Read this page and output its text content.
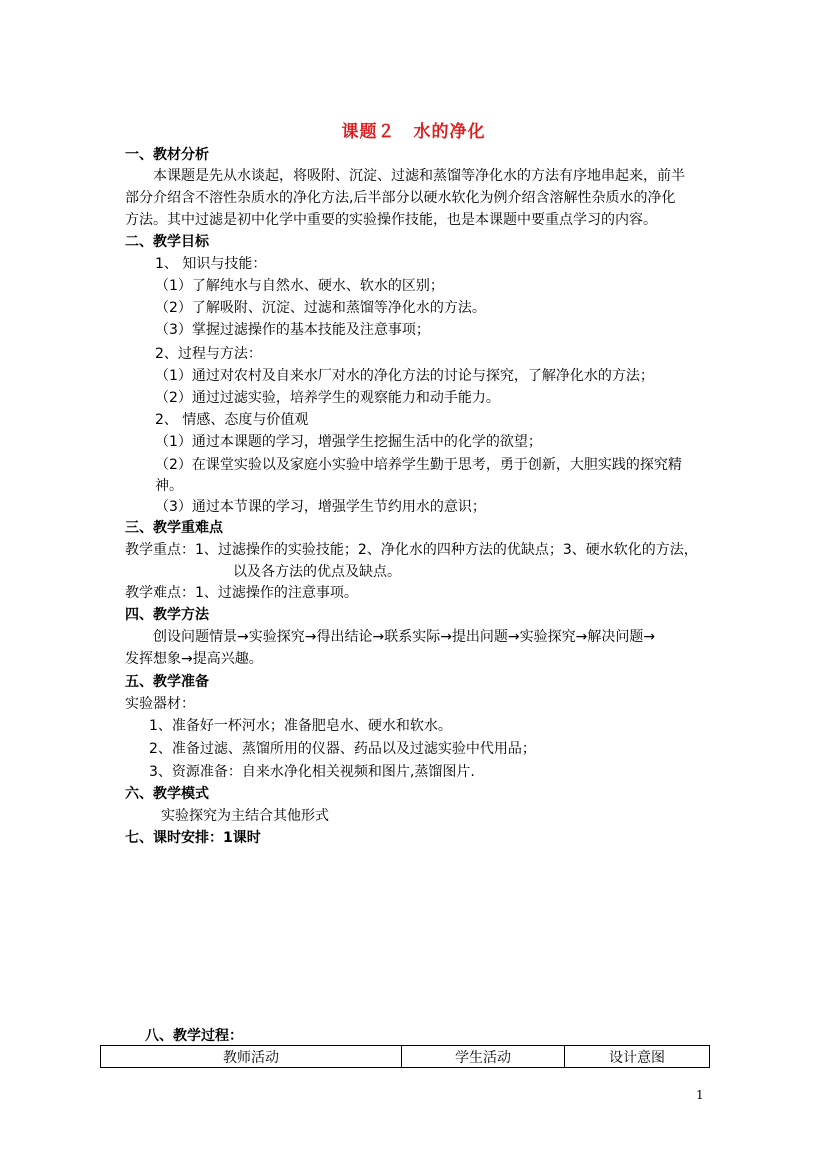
课题２　水的净化
一、教材分析
本课题是先从水谈起，将吸附、沉淀、过滤和蒸馏等净化水的方法有序地串起来，前半
部分介绍含不溶性杂质水的净化方法,后半部分以硬水软化为例介绍含溶解性杂质水的净化
方法。其中过滤是初中化学中重要的实验操作技能，也是本课题中要重点学习的内容。
二、教学目标
1、 知识与技能：
（1）了解纯水与自然水、硬水、软水的区别；
（2）了解吸附、沉淀、过滤和蒸馏等净化水的方法。
（3）掌握过滤操作的基本技能及注意事项；
2、过程与方法：
（1）通过对农村及自来水厂对水的净化方法的讨论与探究，了解净化水的方法；
（2）通过过滤实验，培养学生的观察能力和动手能力。
2、 情感、态度与价值观
（1）通过本课题的学习，增强学生挖掘生活中的化学的欲望；
（2）在课堂实验以及家庭小实验中培养学生勤于思考，勇于创新，大胆实践的探究精
神。
（3）通过本节课的学习，增强学生节约用水的意识；
三、教学重难点
教学重点：1、过滤操作的实验技能；2、净化水的四种方法的优缺点；3、硬水软化的方法，
以及各方法的优点及缺点。
教学难点：1、过滤操作的注意事项。
四、教学方法
创设问题情景→实验探究→得出结论→联系实际→提出问题→实验探究→解决问题→
发挥想象→提高兴趣。
五、教学准备
实验器材：
1、准备好一杯河水；准备肥皂水、硬水和软水。
2、准备过滤、蒸馏所用的仪器、药品以及过滤实验中代用品；
3、资源准备：自来水净化相关视频和图片,蒸馏图片.
六、教学模式
实验探究为主结合其他形式
七、课时安排：1课时
八、教学过程：
教师活动	学生活动	设计意图
1
